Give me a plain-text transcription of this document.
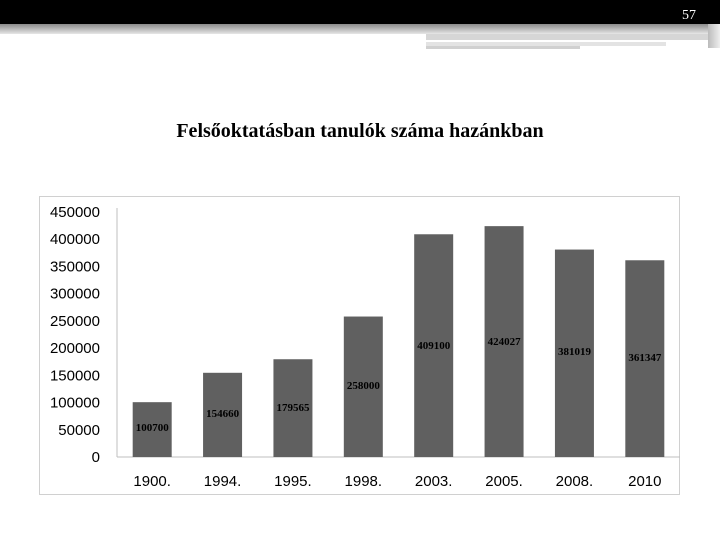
57
Felsőoktatásban tanulók száma hazánkban
0
50000
100000
150000
200000
250000
300000
350000
400000
450000
100700
1900.
154660
1994.
179565
1995.
258000
1998.
409100
2003.
424027
2005.
381019
2008.
361347
2010
